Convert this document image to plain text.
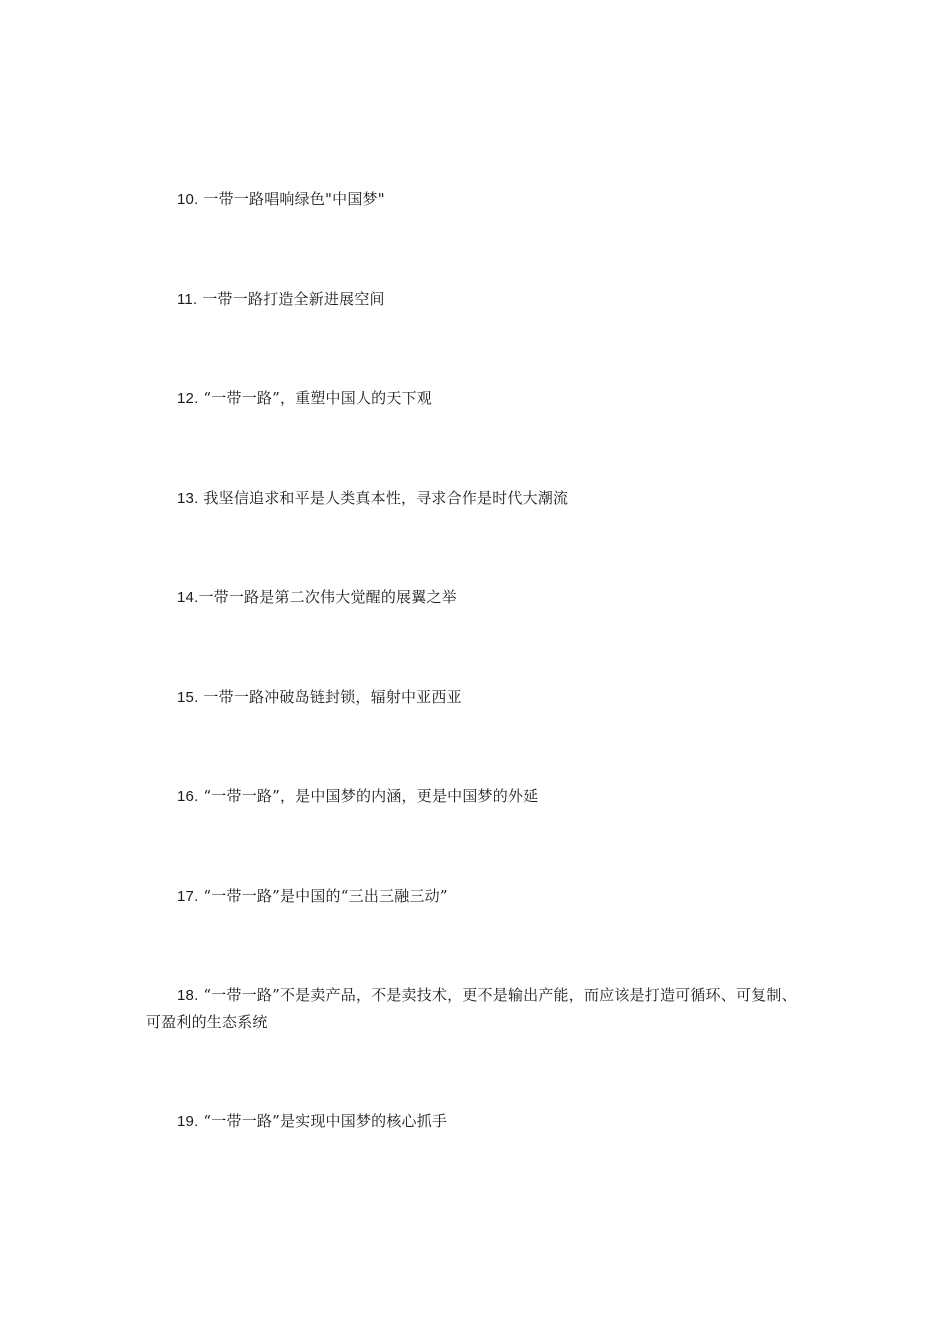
10. 一带一路唱响绿色"中国梦"

11. 一带一路打造全新进展空间

12. “一带一路”，重塑中国人的天下观

13. 我坚信追求和平是人类真本性，寻求合作是时代大潮流

14.一带一路是第二次伟大觉醒的展翼之举

15. 一带一路冲破岛链封锁，辐射中亚西亚

16. “一带一路”，是中国梦的内涵，更是中国梦的外延

17. “一带一路”是中国的“三出三融三动”

18. “一带一路”不是卖产品，不是卖技术，更不是输出产能，而应该是打造可循环、可复制、可盈利的生态系统

19. “一带一路”是实现中国梦的核心抓手
